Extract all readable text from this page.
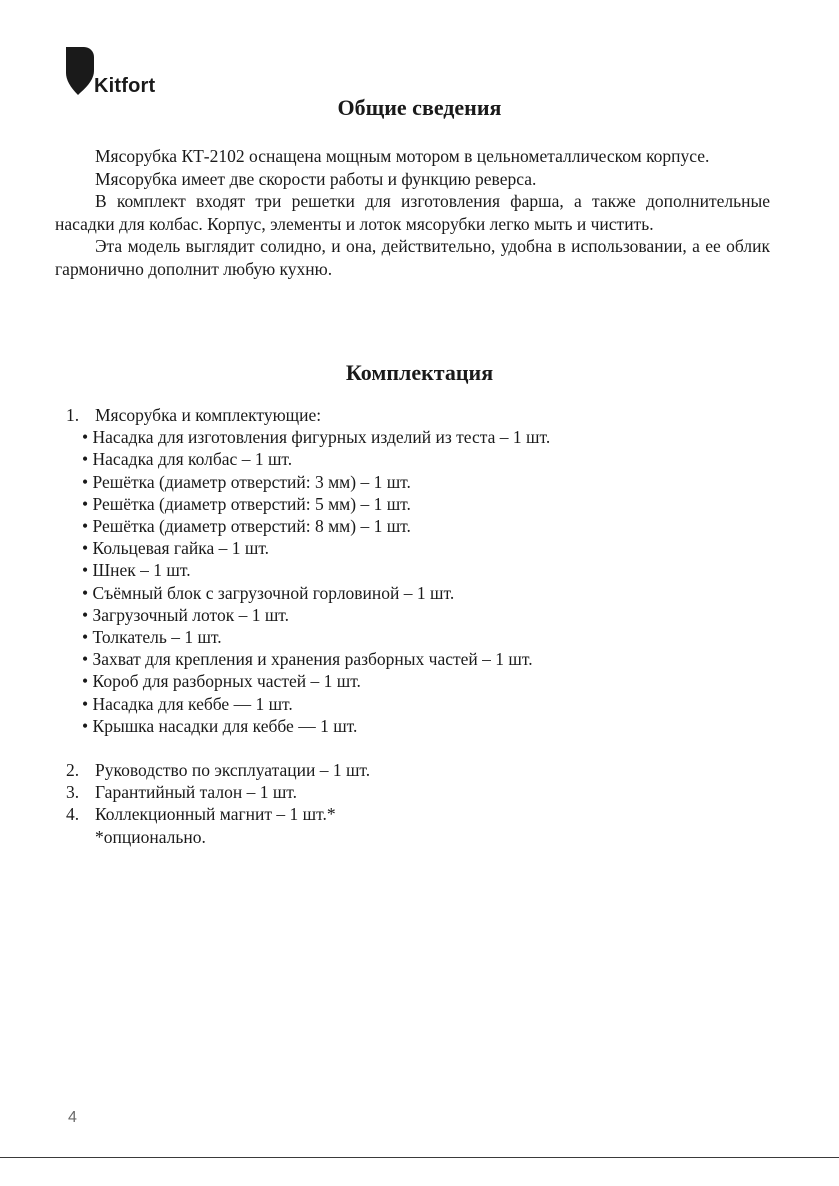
Kitfort
Общие сведения

Мясорубка КТ-2102 оснащена мощным мотором в цельнометаллическом корпусе.

Мясорубка имеет две скорости работы и функцию реверса.

В комплект входят три решетки для изготовления фарша, а также дополнительные насадки для колбас. Корпус, элементы и лоток мясорубки легко мыть и чистить.

Эта модель выглядит солидно, и она, действительно, удобна в использовании, а ее облик гармонично дополнит любую кухню.

Комплектация
1. Мясорубка и комплектующие:
• Насадка для изготовления фигурных изделий из теста – 1 шт.
• Насадка для колбас – 1 шт.
• Решётка (диаметр отверстий: 3 мм) – 1 шт.
• Решётка (диаметр отверстий: 5 мм) – 1 шт.
• Решётка (диаметр отверстий: 8 мм) – 1 шт.
• Кольцевая гайка – 1 шт.
• Шнек – 1 шт.
• Съёмный блок с загрузочной горловиной – 1 шт.
• Загрузочный лоток – 1 шт.
• Толкатель – 1 шт.
• Захват для крепления и хранения разборных частей – 1 шт.
• Короб для разборных частей – 1 шт.
• Насадка для кеббе — 1 шт.
• Крышка насадки для кеббе — 1 шт.
2. Руководство по эксплуатации – 1 шт.
3. Гарантийный талон – 1 шт.
4. Коллекционный магнит – 1 шт.*
*опционально.
4
